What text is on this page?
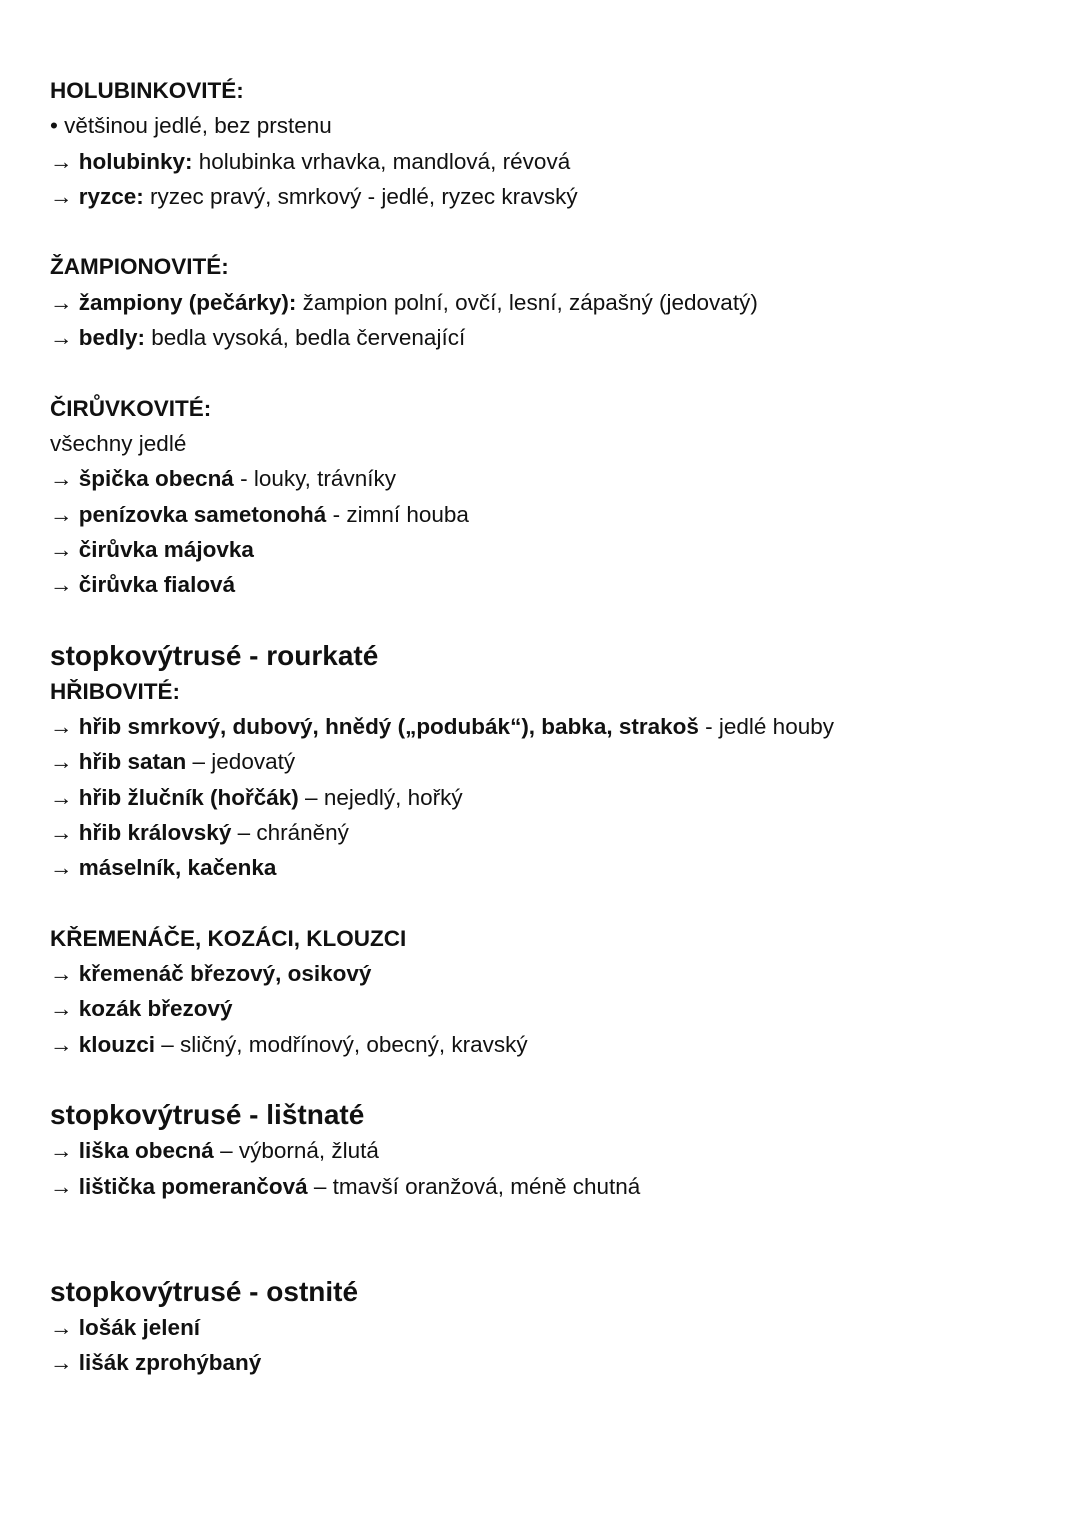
HOLUBINKOVITÉ:
• většinou jedlé, bez prstenu
→ holubinky: holubinka vrhavka, mandlová, révová
→ ryzce: ryzec pravý, smrkový - jedlé, ryzec kravský
ŽAMPIONOVITÉ:
→ žampiony (pečárky): žampion polní, ovčí, lesní, zápašný (jedovatý)
→ bedly: bedla vysoká, bedla červenající
ČIRŮVKOVITÉ:
všechny jedlé
→ špička obecná - louky, trávníky
→ penízovka sametonohá - zimní houba
→ čirůvka májovka
→ čirůvka fialová
stopkovýtrusé - rourkaté
HŘIBOVITÉ:
→ hřib smrkový, dubový, hnědý („podubák“), babka, strakoš - jedlé houby
→ hřib satan – jedovatý
→ hřib žlučník (hořčák) – nejedlý, hořký
→ hřib královský – chráněný
→ máselník, kačenka
KŘEMENÁČE, KOZÁCI, KLOUZCI
→ křemenáč březový, osikový
→ kozák březový
→ klouzci – sličný, modřínový, obecný, kravský
stopkovýtrusé - lištnaté
→ liška obecná – výborná, žlutá
→ lištička pomerančová – tmavší oranžová, méně chutná
stopkovýtrusé - ostnité
→ lošák jelení
→ lišák zprohýbaný
